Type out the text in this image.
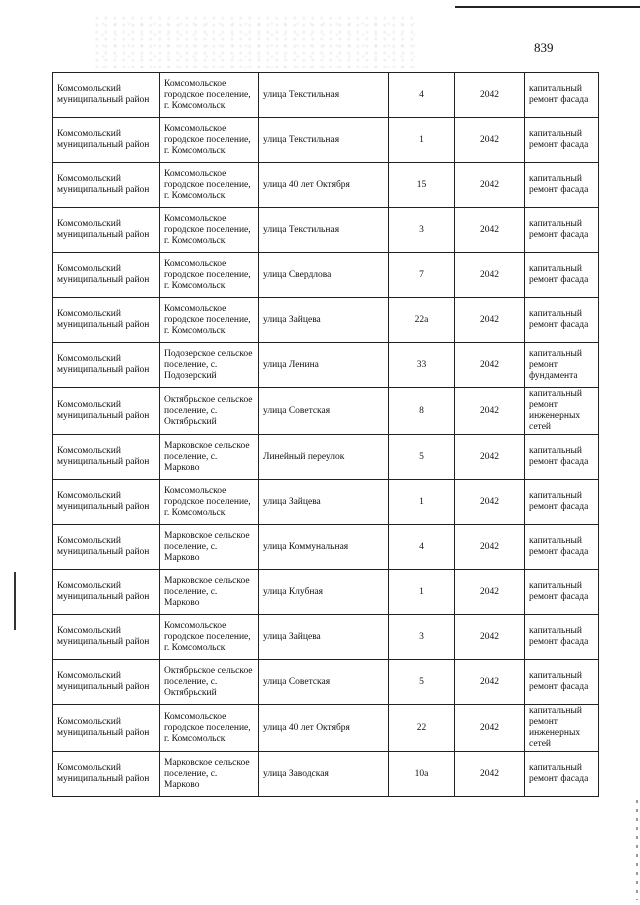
839
Комсомольский муниципальный район	Комсомольское городское поселение, г. Комсомольск	улица Текстильная	4	2042	капитальный ремонт фасада
Комсомольский муниципальный район	Комсомольское городское поселение, г. Комсомольск	улица Текстильная	1	2042	капитальный ремонт фасада
Комсомольский муниципальный район	Комсомольское городское поселение, г. Комсомольск	улица 40 лет Октября	15	2042	капитальный ремонт фасада
Комсомольский муниципальный район	Комсомольское городское поселение, г. Комсомольск	улица Текстильная	3	2042	капитальный ремонт фасада
Комсомольский муниципальный район	Комсомольское городское поселение, г. Комсомольск	улица Свердлова	7	2042	капитальный ремонт фасада
Комсомольский муниципальный район	Комсомольское городское поселение, г. Комсомольск	улица Зайцева	22а	2042	капитальный ремонт фасада
Комсомольский муниципальный район	Подозерское сельское поселение, с. Подозерский	улица Ленина	33	2042	капитальный ремонт фундамента
Комсомольский муниципальный район	Октябрьское сельское поселение, с. Октябрьский	улица Советская	8	2042	капитальный ремонт инженерных сетей
Комсомольский муниципальный район	Марковское сельское поселение, с. Марково	Линейный переулок	5	2042	капитальный ремонт фасада
Комсомольский муниципальный район	Комсомольское городское поселение, г. Комсомольск	улица Зайцева	1	2042	капитальный ремонт фасада
Комсомольский муниципальный район	Марковское сельское поселение, с. Марково	улица Коммунальная	4	2042	капитальный ремонт фасада
Комсомольский муниципальный район	Марковское сельское поселение, с. Марково	улица Клубная	1	2042	капитальный ремонт фасада
Комсомольский муниципальный район	Комсомольское городское поселение, г. Комсомольск	улица Зайцева	3	2042	капитальный ремонт фасада
Комсомольский муниципальный район	Октябрьское сельское поселение, с. Октябрьский	улица Советская	5	2042	капитальный ремонт фасада
Комсомольский муниципальный район	Комсомольское городское поселение, г. Комсомольск	улица 40 лет Октября	22	2042	капитальный ремонт инженерных сетей
Комсомольский муниципальный район	Марковское сельское поселение, с. Марково	улица Заводская	10а	2042	капитальный ремонт фасада
